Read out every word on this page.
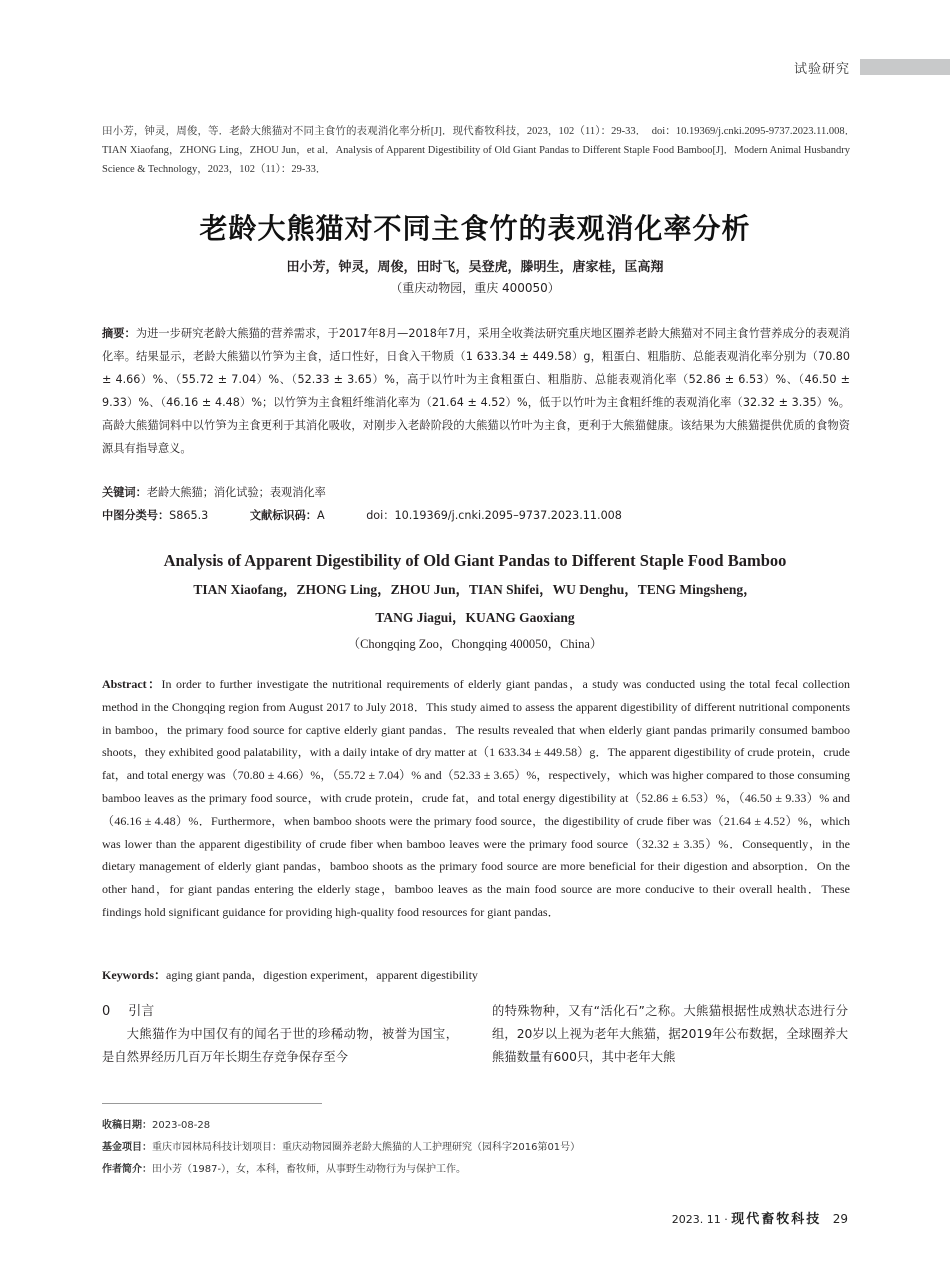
试验研究
田小芳，钟灵，周俊，等．老龄大熊猫对不同主食竹的表观消化率分析[J]．现代畜牧科技，2023，102（11）：29-33．　doi：10.19369/j.cnki.2095-9737.2023.11.008．　TIAN Xiaofang，ZHONG Ling，ZHOU Jun，et al．Analysis of Apparent Digestibility of Old Giant Pandas to Different Staple Food Bamboo[J]．Modern Animal Husbandry Science & Technology，2023，102（11）：29-33．
老龄大熊猫对不同主食竹的表观消化率分析
田小芳，钟灵，周俊，田时飞，吴登虎，滕明生，唐家桂，匡高翔
（重庆动物园，重庆 400050）
摘要：为进一步研究老龄大熊猫的营养需求，于2017年8月—2018年7月，采用全收粪法研究重庆地区圈养老龄大熊猫对不同主食竹营养成分的表观消化率。结果显示，老龄大熊猫以竹笋为主食，适口性好，日食入干物质（1 633.34 ± 449.58）g，粗蛋白、粗脂肪、总能表观消化率分别为（70.80 ± 4.66）%、（55.72 ± 7.04）%、（52.33 ± 3.65）%，高于以竹叶为主食粗蛋白、粗脂肪、总能表观消化率（52.86 ± 6.53）%、（46.50 ± 9.33）%、（46.16 ± 4.48）%；以竹笋为主食粗纤维消化率为（21.64 ± 4.52）%，低于以竹叶为主食粗纤维的表观消化率（32.32 ± 3.35）%。高龄大熊猫饲料中以竹笋为主食更利于其消化吸收，对刚步入老龄阶段的大熊猫以竹叶为主食，更利于大熊猫健康。该结果为大熊猫提供优质的食物资源具有指导意义。
关键词：老龄大熊猫；消化试验；表观消化率
中图分类号：S865.3	文献标识码：A	doi：10.19369/j.cnki.2095–9737.2023.11.008
Analysis of Apparent Digestibility of Old Giant Pandas to Different Staple Food Bamboo
TIAN Xiaofang，ZHONG Ling，ZHOU Jun，TIAN Shifei，WU Denghu，TENG Mingsheng，
TANG Jiagui，KUANG Gaoxiang
（Chongqing Zoo，Chongqing 400050，China）
Abstract：In order to further investigate the nutritional requirements of elderly giant pandas，a study was conducted using the total fecal collection method in the Chongqing region from August 2017 to July 2018．This study aimed to assess the apparent digestibility of different nutritional components in bamboo，the primary food source for captive elderly giant pandas．The results revealed that when elderly giant pandas primarily consumed bamboo shoots，they exhibited good palatability，with a daily intake of dry matter at（1 633.34 ± 449.58）g．The apparent digestibility of crude protein，crude fat，and total energy was（70.80 ± 4.66）%，（55.72 ± 7.04）% and（52.33 ± 3.65）%，respectively，which was higher compared to those consuming bamboo leaves as the primary food source，with crude protein，crude fat，and total energy digestibility at（52.86 ± 6.53）%，（46.50 ± 9.33）% and（46.16 ± 4.48）%．Furthermore，when bamboo shoots were the primary food source，the digestibility of crude fiber was（21.64 ± 4.52）%，which was lower than the apparent digestibility of crude fiber when bamboo leaves were the primary food source（32.32 ± 3.35）%．Consequently，in the dietary management of elderly giant pandas，bamboo shoots as the primary food source are more beneficial for their digestion and absorption．On the other hand，for giant pandas entering the elderly stage，bamboo leaves as the main food source are more conducive to their overall health．These findings hold significant guidance for providing high-quality food resources for giant pandas．
Keywords：aging giant panda，digestion experiment，apparent digestibility
0 引言

大熊猫作为中国仅有的闻名于世的珍稀动物，被誉为国宝，是自然界经历几百万年长期生存竞争保存至今

的特殊物种，又有“活化石”之称。大熊猫根据性成熟状态进行分组，20岁以上视为老年大熊猫，据2019年公布数据，全球圈养大熊猫数量有600只，其中老年大熊

收稿日期：2023-08-28
基金项目：重庆市园林局科技计划项目：重庆动物园圈养老龄大熊猫的人工护理研究（园科字2016第01号）
作者简介：田小芳（1987-），女，本科，畜牧师，从事野生动物行为与保护工作。
2023. 11 · 现代畜牧科技 29
